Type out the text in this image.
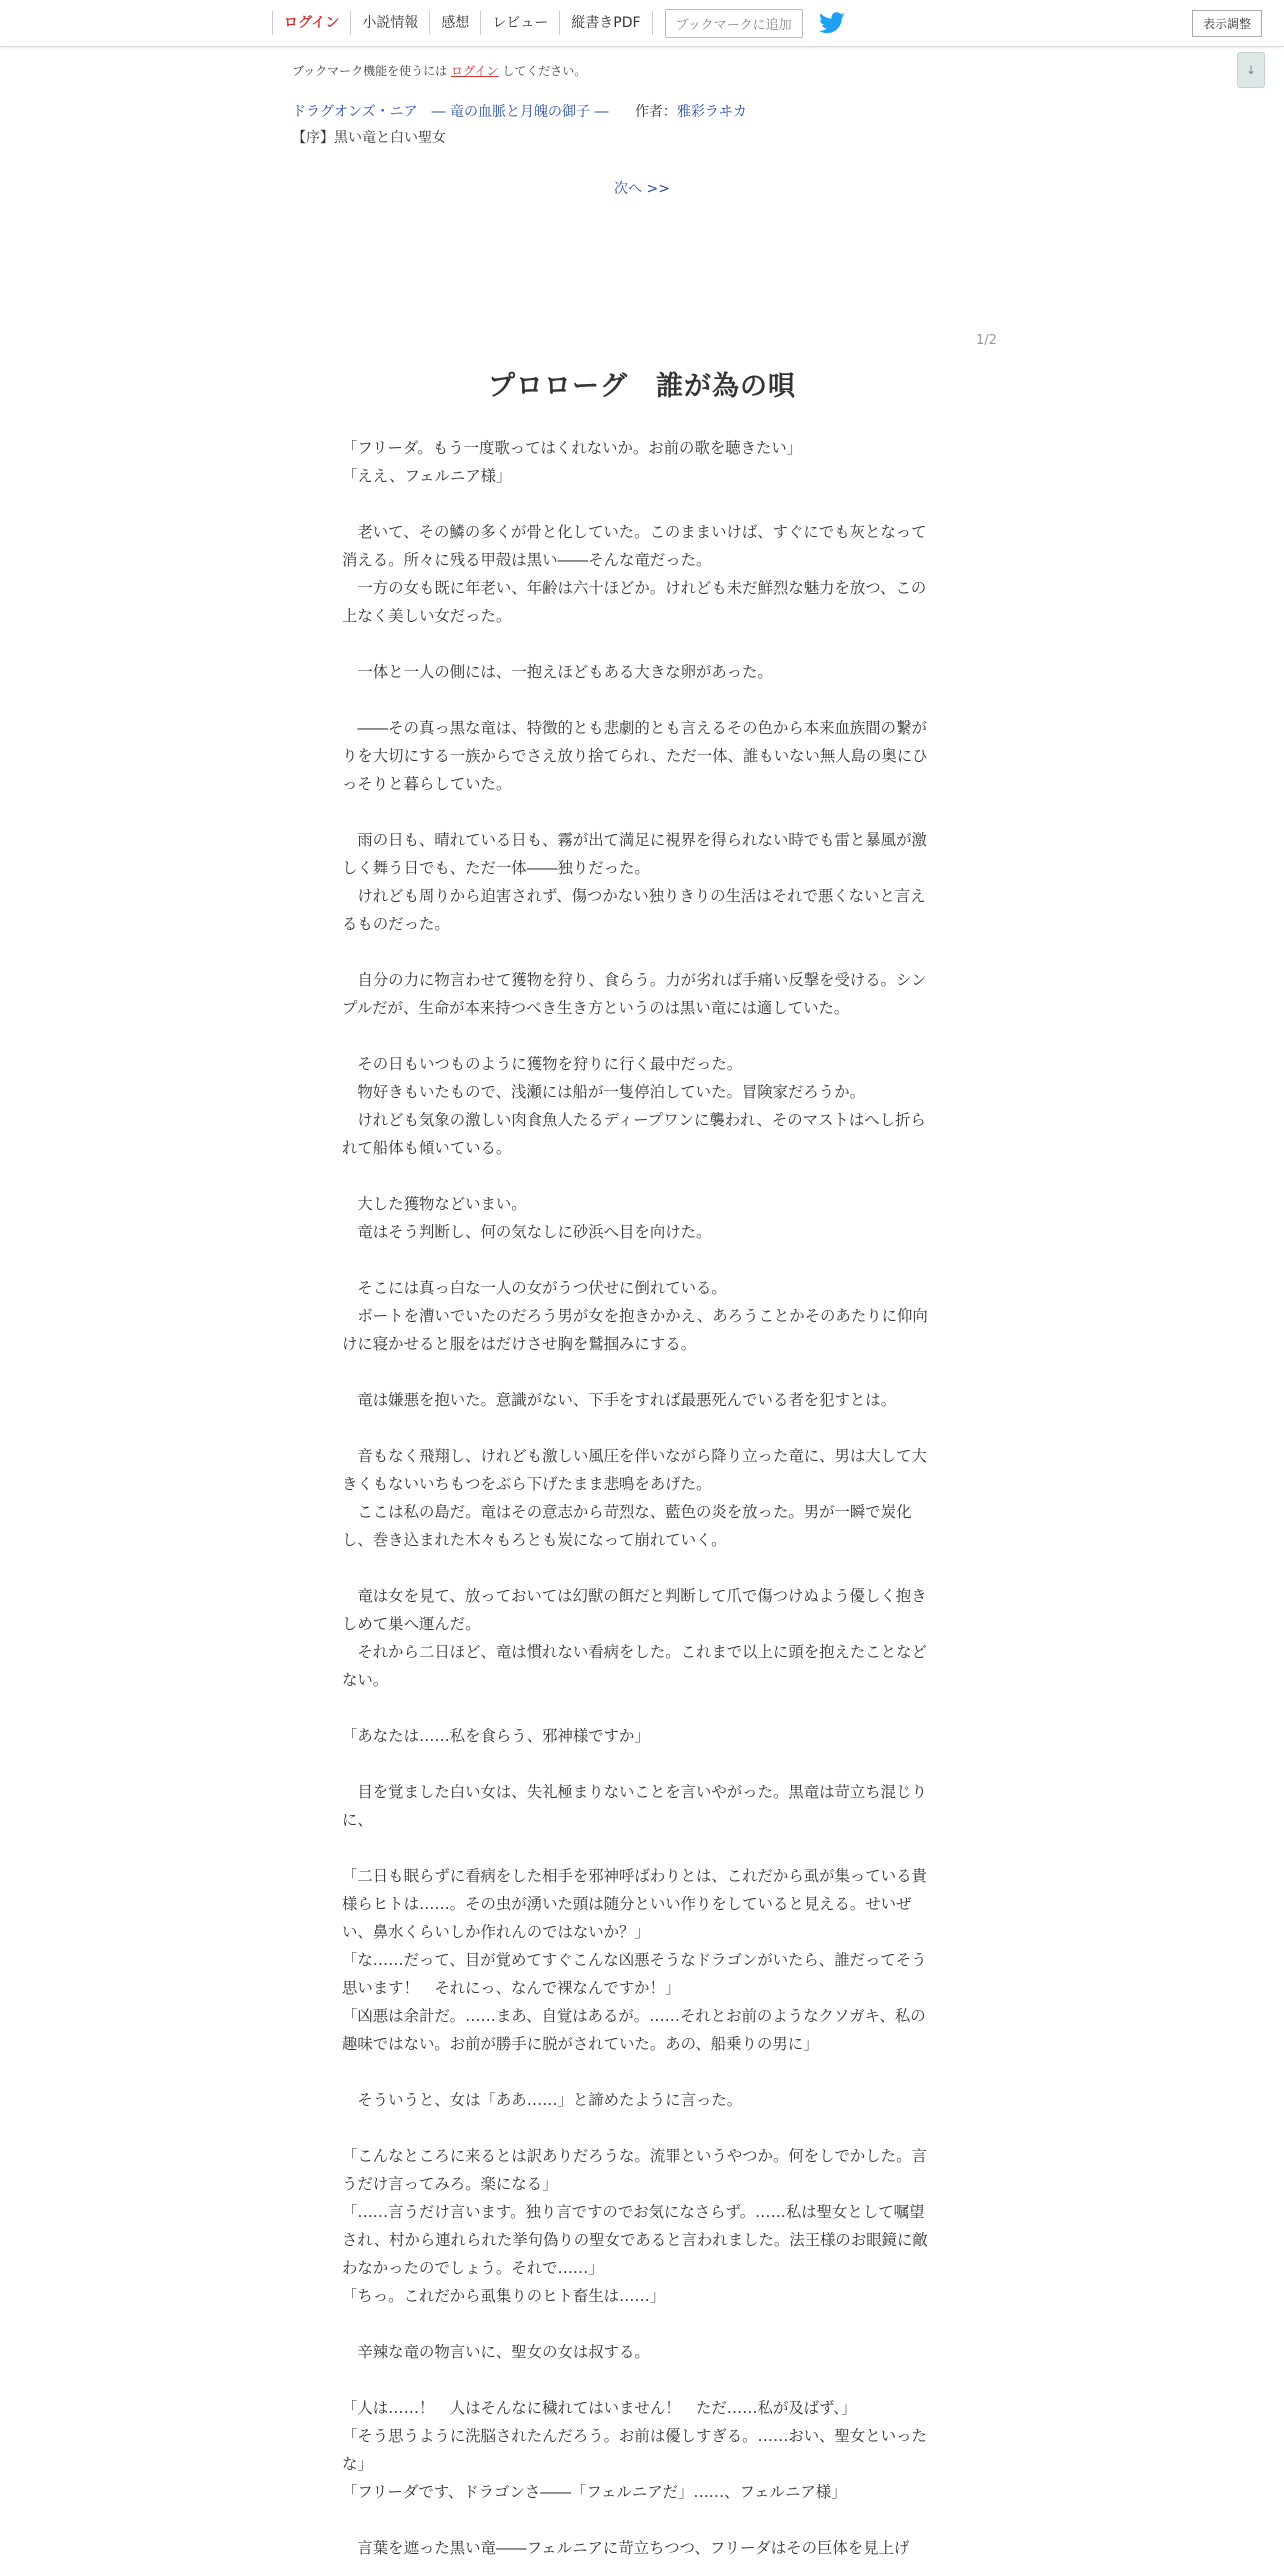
ログイン	小説情報	感想	レビュー	縦書きPDF	ブックマークに追加	表示調整
↓
ブックマーク機能を使うには ログイン してください。
ドラグオンズ・ニア　― 竜の血脈と月魄の御子 ― 作者：雅彩ラヰカ
【序】黒い竜と白い聖女
次へ >>
1/2
プロローグ　誰が為の唄

「フリーダ。もう一度歌ってはくれないか。お前の歌を聴きたい」

「ええ、フェルニア様」

　老いて、その鱗の多くが骨と化していた。このままいけば、すぐにでも灰となって消える。所々に残る甲殻は黒い――そんな竜だった。

　一方の女も既に年老い、年齢は六十ほどか。けれども未だ鮮烈な魅力を放つ、この上なく美しい女だった。

　一体と一人の側には、一抱えほどもある大きな卵があった。

　――その真っ黒な竜は、特徴的とも悲劇的とも言えるその色から本来血族間の繋がりを大切にする一族からでさえ放り捨てられ、ただ一体、誰もいない無人島の奥にひっそりと暮らしていた。

　雨の日も、晴れている日も、霧が出て満足に視界を得られない時でも雷と暴風が激しく舞う日でも、ただ一体――独りだった。

　けれども周りから迫害されず、傷つかない独りきりの生活はそれで悪くないと言えるものだった。

　自分の力に物言わせて獲物を狩り、食らう。力が劣れば手痛い反撃を受ける。シンプルだが、生命が本来持つべき生き方というのは黒い竜には適していた。

　その日もいつものように獲物を狩りに行く最中だった。

　物好きもいたもので、浅瀬には船が一隻停泊していた。冒険家だろうか。

　けれども気象の激しい肉食魚人たるディープワンに襲われ、そのマストはへし折られて船体も傾いている。

　大した獲物などいまい。

　竜はそう判断し、何の気なしに砂浜へ目を向けた。

　そこには真っ白な一人の女がうつ伏せに倒れている。

　ボートを漕いでいたのだろう男が女を抱きかかえ、あろうことかそのあたりに仰向けに寝かせると服をはだけさせ胸を鷲掴みにする。

　竜は嫌悪を抱いた。意識がない、下手をすれば最悪死んでいる者を犯すとは。

　音もなく飛翔し、けれども激しい風圧を伴いながら降り立った竜に、男は大して大きくもないいちもつをぶら下げたまま悲鳴をあげた。

　ここは私の島だ。竜はその意志から苛烈な、藍色の炎を放った。男が一瞬で炭化し、巻き込まれた木々もろとも炭になって崩れていく。

　竜は女を見て、放っておいては幻獣の餌だと判断して爪で傷つけぬよう優しく抱きしめて巣へ運んだ。

　それから二日ほど、竜は慣れない看病をした。これまで以上に頭を抱えたことなどない。

「あなたは……私を食らう、邪神様ですか」

　目を覚ました白い女は、失礼極まりないことを言いやがった。黒竜は苛立ち混じりに、

「二日も眠らずに看病をした相手を邪神呼ばわりとは、これだから虱が集っている貴様らヒトは……。その虫が湧いた頭は随分といい作りをしていると見える。せいぜい、鼻水くらいしか作れんのではないか？」

「な……だって、目が覚めてすぐこんな凶悪そうなドラゴンがいたら、誰だってそう思います！　それにっ、なんで裸なんですか！」

「凶悪は余計だ。……まあ、自覚はあるが。……それとお前のようなクソガキ、私の趣味ではない。お前が勝手に脱がされていた。あの、船乗りの男に」

　そういうと、女は「ああ……」と諦めたように言った。

「こんなところに来るとは訳ありだろうな。流罪というやつか。何をしでかした。言うだけ言ってみろ。楽になる」

「……言うだけ言います。独り言ですのでお気になさらず。……私は聖女として嘱望され、村から連れられた挙句偽りの聖女であると言われました。法王様のお眼鏡に敵わなかったのでしょう。それで……」

「ちっ。これだから虱集りのヒト畜生は……」

　辛辣な竜の物言いに、聖女の女は叔する。

「人は……！　人はそんなに穢れてはいません！　ただ……私が及ばず、」

「そう思うように洗脳されたんだろう。お前は優しすぎる。……おい、聖女といったな」

「フリーダです、ドラゴンさ――「フェルニアだ」……、フェルニア様」

　言葉を遮った黒い竜――フェルニアに苛立ちつつ、フリーダはその巨体を見上げ
